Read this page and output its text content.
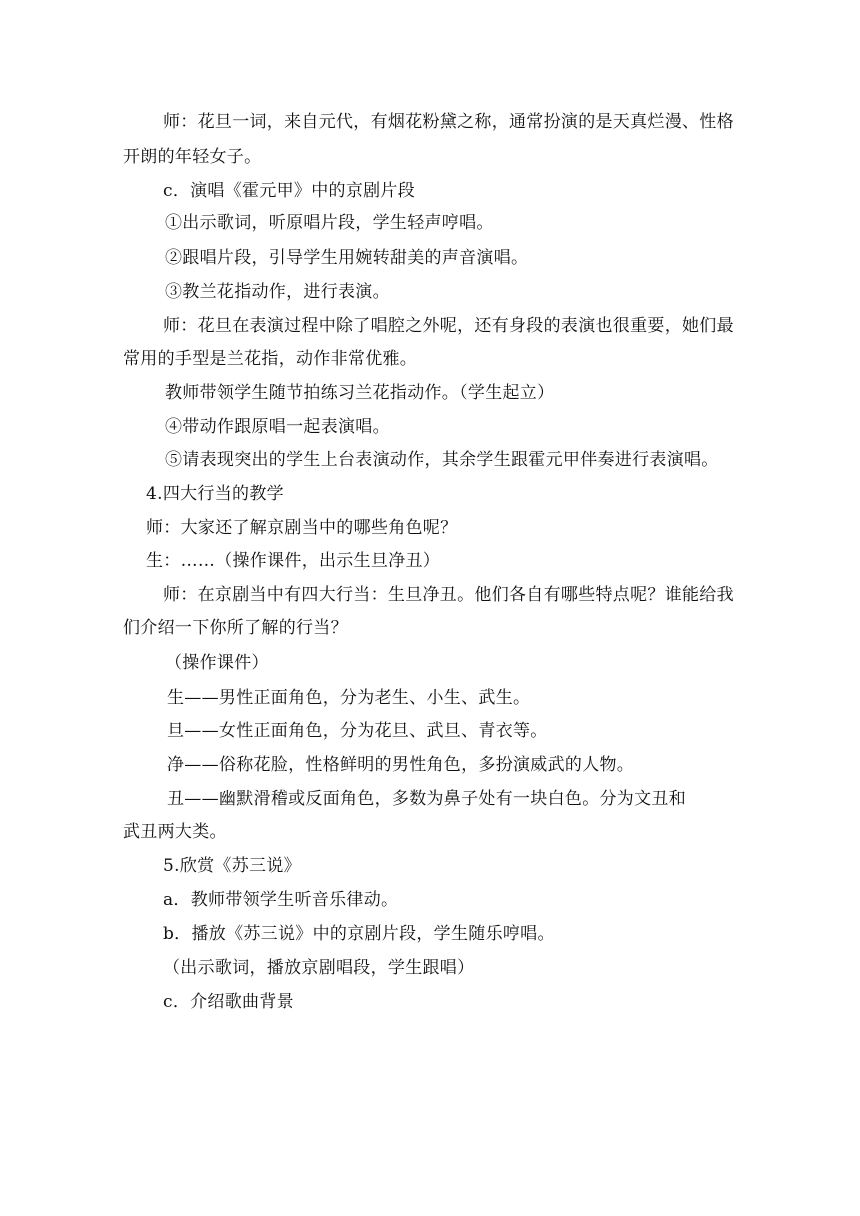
师：花旦一词，来自元代，有烟花粉黛之称，通常扮演的是天真烂漫、性格
开朗的年轻女子。
c．演唱《霍元甲》中的京剧片段
①出示歌词，听原唱片段，学生轻声哼唱。
②跟唱片段，引导学生用婉转甜美的声音演唱。
③教兰花指动作，进行表演。
师：花旦在表演过程中除了唱腔之外呢，还有身段的表演也很重要，她们最
常用的手型是兰花指，动作非常优雅。
教师带领学生随节拍练习兰花指动作。（学生起立）
④带动作跟原唱一起表演唱。
⑤请表现突出的学生上台表演动作，其余学生跟霍元甲伴奏进行表演唱。
4.四大行当的教学
师：大家还了解京剧当中的哪些角色呢？
生：……（操作课件，出示生旦净丑）
师：在京剧当中有四大行当：生旦净丑。他们各自有哪些特点呢？谁能给我
们介绍一下你所了解的行当？
（操作课件）
生——男性正面角色，分为老生、小生、武生。
旦——女性正面角色，分为花旦、武旦、青衣等。
净——俗称花脸，性格鲜明的男性角色，多扮演威武的人物。
丑——幽默滑稽或反面角色，多数为鼻子处有一块白色。分为文丑和
武丑两大类。
5.欣赏《苏三说》
a．教师带领学生听音乐律动。
b．播放《苏三说》中的京剧片段，学生随乐哼唱。
（出示歌词，播放京剧唱段，学生跟唱）
c．介绍歌曲背景
